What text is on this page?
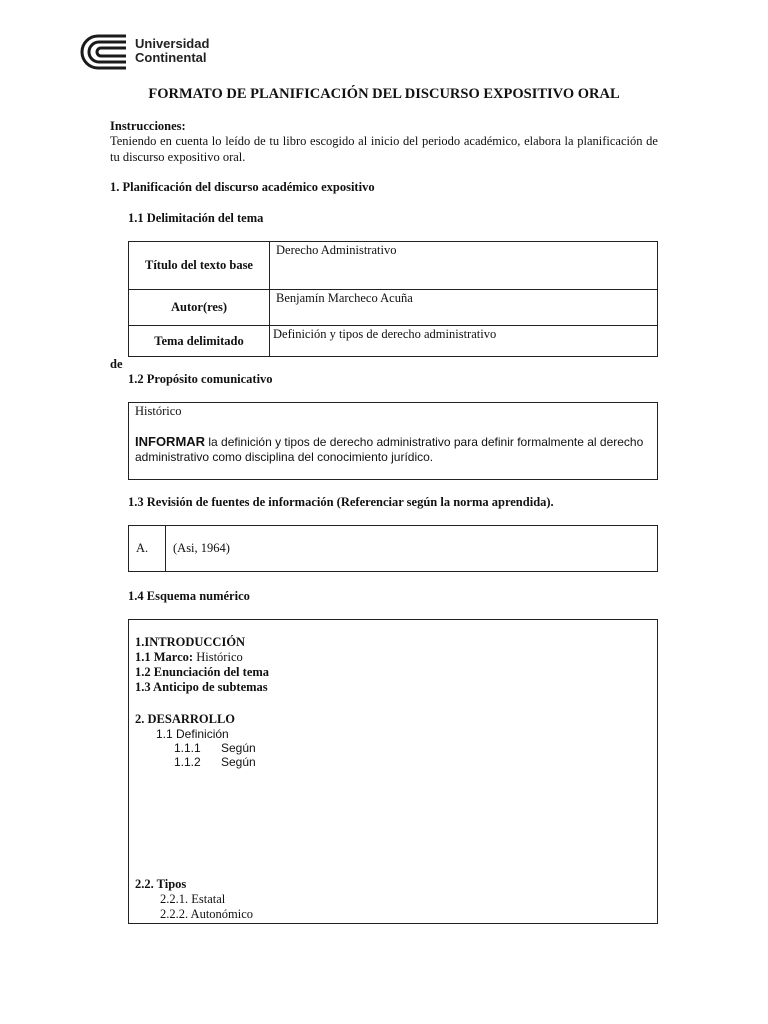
Universidad
Continental
FORMATO DE PLANIFICACIÓN DEL DISCURSO EXPOSITIVO ORAL
Instrucciones:
Teniendo en cuenta lo leído de tu libro escogido al inicio del periodo académico, elabora la planificación de tu discurso expositivo oral.
1. Planificación del discurso académico expositivo
1.1 Delimitación del tema
Título del texto base	Derecho Administrativo
Autor(res)	Benjamín Marcheco Acuña
Tema delimitado	Definición y tipos de derecho administrativo
de
1.2 Propósito comunicativo
Histórico
INFORMAR la definición y tipos de derecho administrativo para definir formalmente al derecho administrativo como disciplina del conocimiento jurídico.
1.3 Revisión de fuentes de información (Referenciar según la norma aprendida).
A.	(Asi, 1964)
1.4 Esquema numérico
1.INTRODUCCIÓN
1.1 Marco: Histórico
1.2 Enunciación del tema
1.3 Anticipo de subtemas
2. DESARROLLO
1.1 Definición
1.1.1 Según
1.1.2 Según
2.2. Tipos
2.2.1. Estatal
2.2.2. Autonómico
